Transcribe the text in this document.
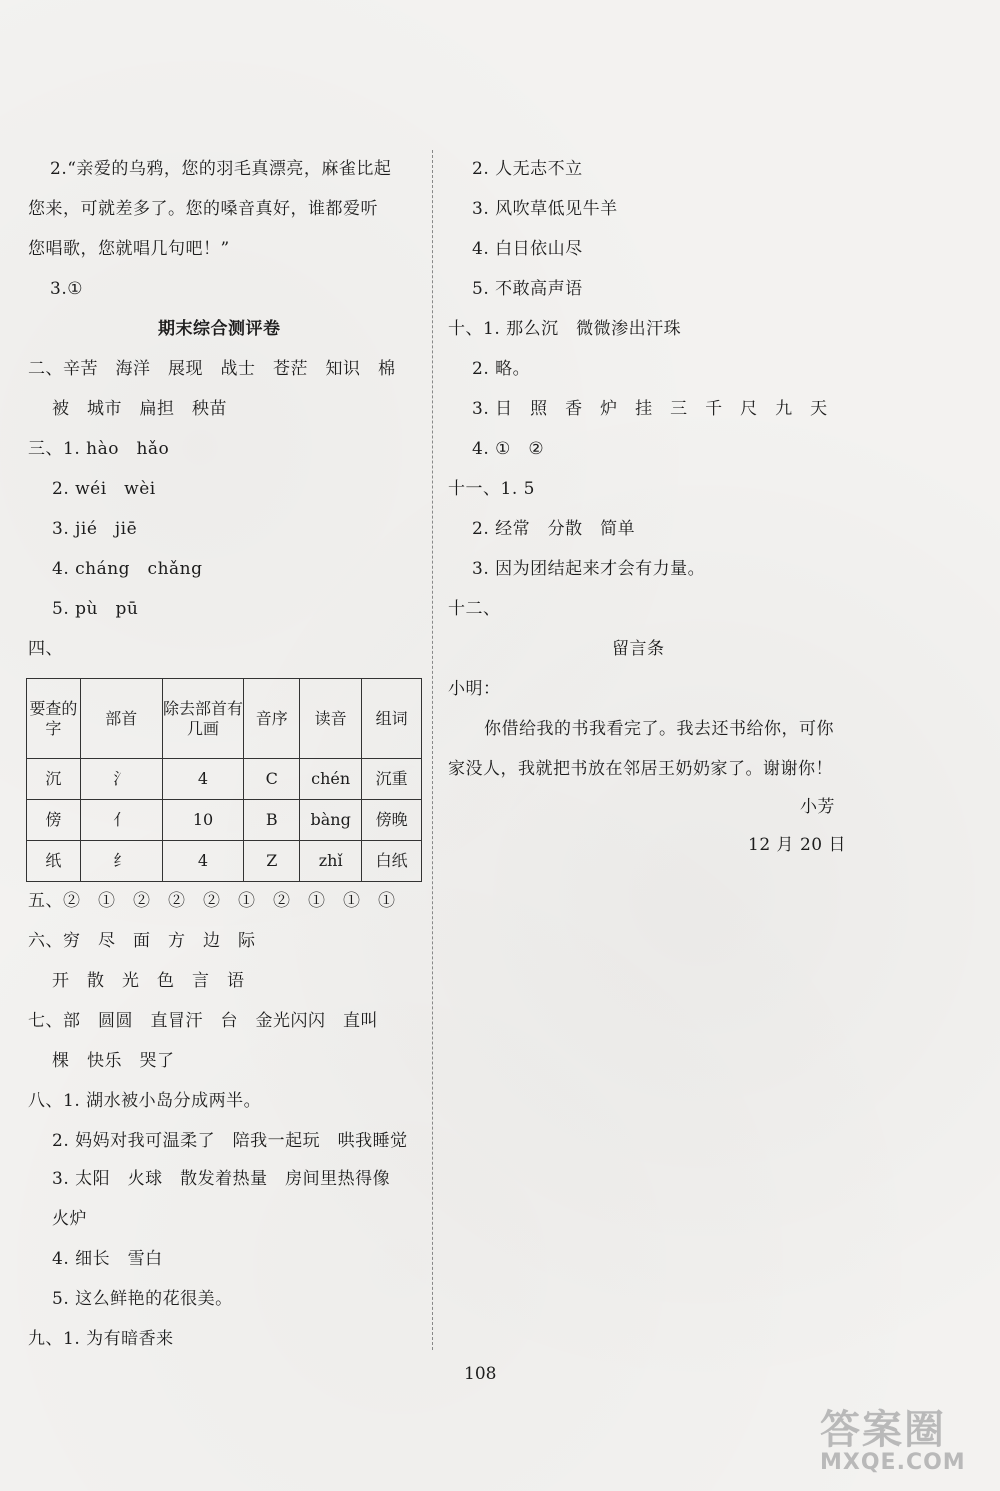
2.“亲爱的乌鸦，您的羽毛真漂亮，麻雀比起
您来，可就差多了。您的嗓音真好，谁都爱听
您唱歌，您就唱几句吧！”
3.①
期末综合测评卷
二、辛苦　海洋　展现　战士　苍茫　知识　棉
被　城市　扁担　秧苗
三、1. hào　hǎo
2. wéi　wèi
3. jié　jiē
4. cháng　chǎng
5. pù　pū
四、
要查的字	部首	除去部首有几画	音序	读音	组词
沉	氵	4	C	chén	沉重
傍	亻	10	B	bàng	傍晚
纸	纟	4	Z	zhǐ	白纸
五、②　①　②　②　②　①　②　①　①　①
六、穷　尽　面　方　边　际
开　散　光　色　言　语
七、部　圆圆　直冒汗　台　金光闪闪　直叫
棵　快乐　哭了
八、1. 湖水被小岛分成两半。
2. 妈妈对我可温柔了　陪我一起玩　哄我睡觉
3. 太阳　火球　散发着热量　房间里热得像
火炉
4. 细长　雪白
5. 这么鲜艳的花很美。
九、1. 为有暗香来
2. 人无志不立
3. 风吹草低见牛羊
4. 白日依山尽
5. 不敢高声语
十、1. 那么沉　微微渗出汗珠
2. 略。
3. 日　照　香　炉　挂　三　千　尺　九　天
4. ①　②
十一、1. 5
2. 经常　分散　简单
3. 因为团结起来才会有力量。
十二、
留言条
小明：
你借给我的书我看完了。我去还书给你，可你
家没人，我就把书放在邻居王奶奶家了。谢谢你！
小芳
12 月 20 日
108
答案圈
MXQE.COM
